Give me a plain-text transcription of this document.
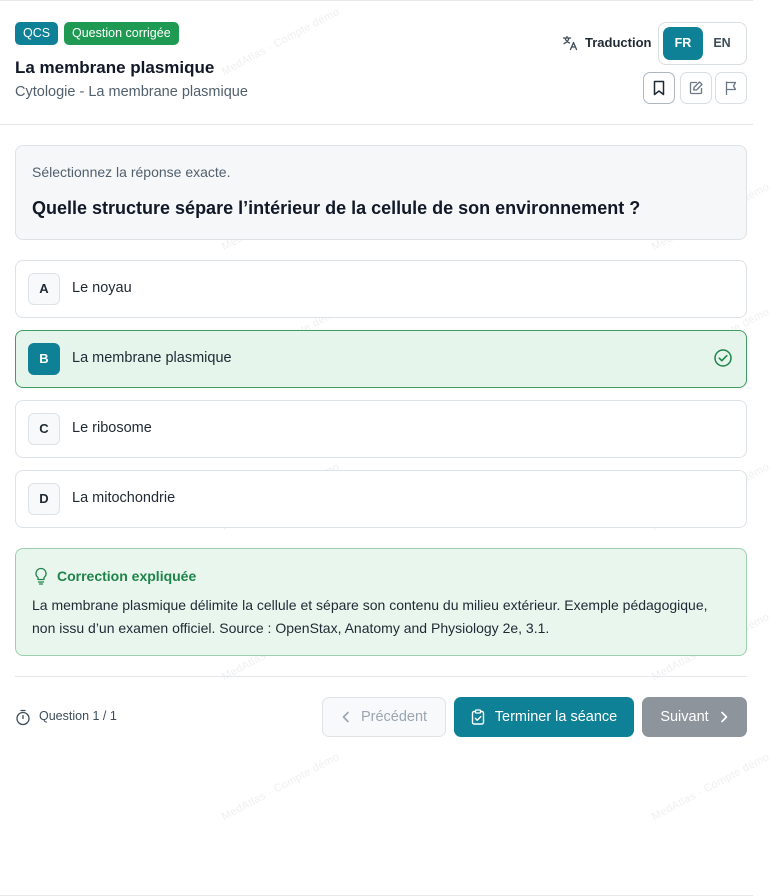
MedAtlas · Compte démo
démo
démo
démo
MedAtlas démo
MedAtlas · Compte démo	MedAtlas · Compte démo
QCS	Question corrigée
La membrane plasmique
Cytologie - La membrane plasmique
Traduction	FR	EN
Sélectionnez la réponse exacte.
Quelle structure sépare l’intérieur de la cellule de son environnement ?
A	Le noyau
B	La membrane plasmique
C	Le ribosome
D	La mitochondrie
Correction expliquée
La membrane plasmique délimite la cellule et sépare son contenu du milieu extérieur. Exemple pédagogique, non issu d’un examen officiel. Source : OpenStax, Anatomy and Physiology 2e, 3.1.
Question 1 / 1	Précédent	Terminer la séance	Suivant
